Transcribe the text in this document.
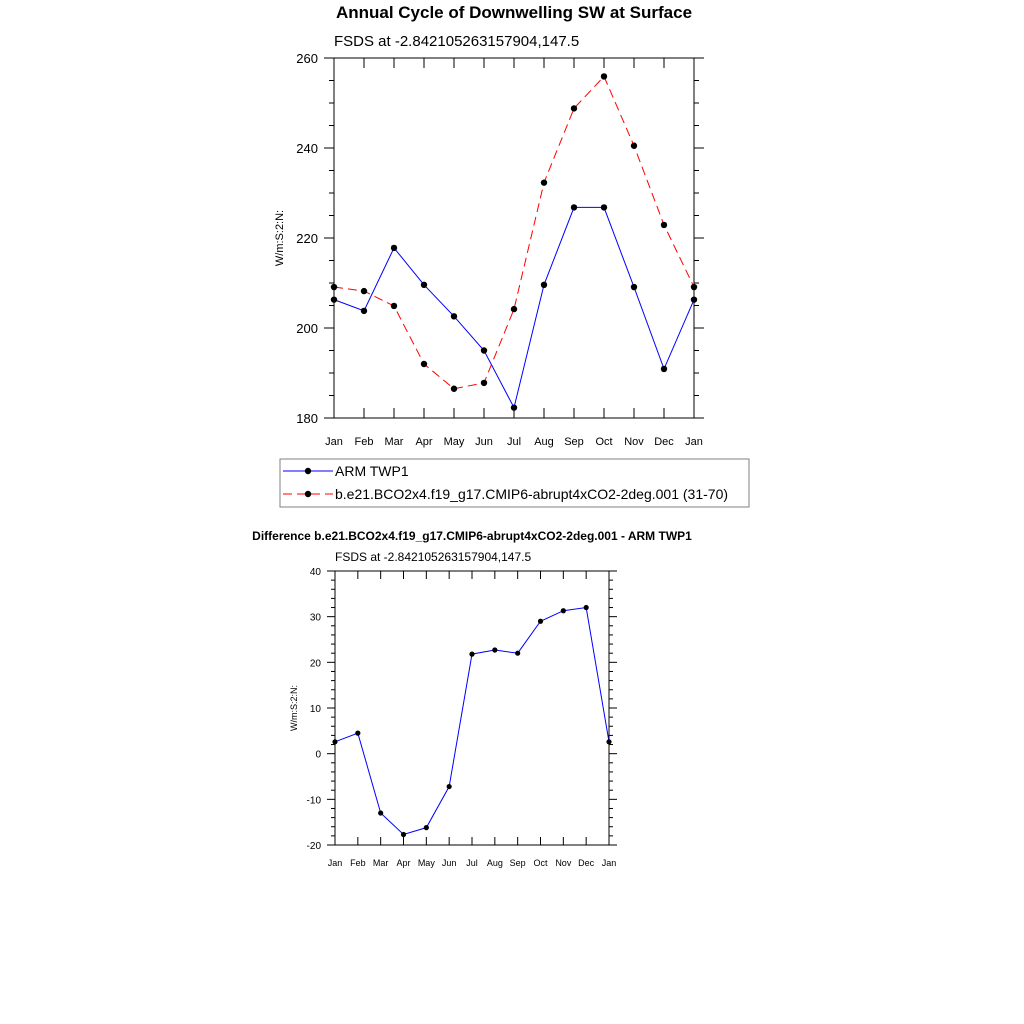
Annual Cycle of Downwelling SW at Surface
FSDS at -2.842105263157904,147.5
W/m:S:2:N:
Jan Feb Mar Apr May Jun Jul Aug Sep Oct Nov Dec Jan
180
200
220
240
260
ARM TWP1
b.e21.BCO2x4.f19_g17.CMIP6-abrupt4xCO2-2deg.001 (31-70)
Difference b.e21.BCO2x4.f19_g17.CMIP6-abrupt4xCO2-2deg.001 - ARM TWP1
FSDS at -2.842105263157904,147.5
W/m:S:2:N:
Jan Feb Mar Apr May Jun Jul Aug Sep Oct Nov Dec Jan
-20
-10
0
10
20
30
40
